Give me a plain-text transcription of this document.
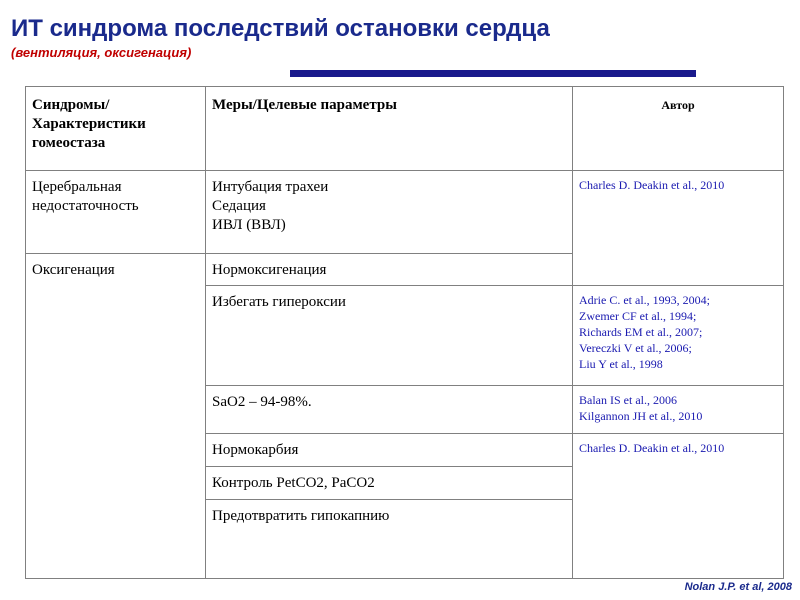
ИТ синдрома последствий остановки сердца
(вентиляция, оксигенация)
Синдромы/
Характеристики
гомеостаза	Меры/Целевые параметры	Автор

Церебральная
недостаточность	Интубация трахеи
Седация
ИВЛ (ВВЛ)	Charles D. Deakin et al., 2010
Оксигенация	Нормоксигенация	
	Избегать гипероксии	Adrie C. et al., 1993, 2004;
Zwemer CF et al., 1994;
Richards EM et al., 2007;
Vereczki V et al., 2006;
Liu Y et al., 1998

	SaO2 – 94-98%.	Balan IS et al., 2006
Kilgannon JH et al., 2010

	Нормокарбия	Charles D. Deakin et al., 2010
	Контроль PetCO2, PaCO2	
	Предотвратить гипокапнию	
Nolan J.P. et al, 2008
